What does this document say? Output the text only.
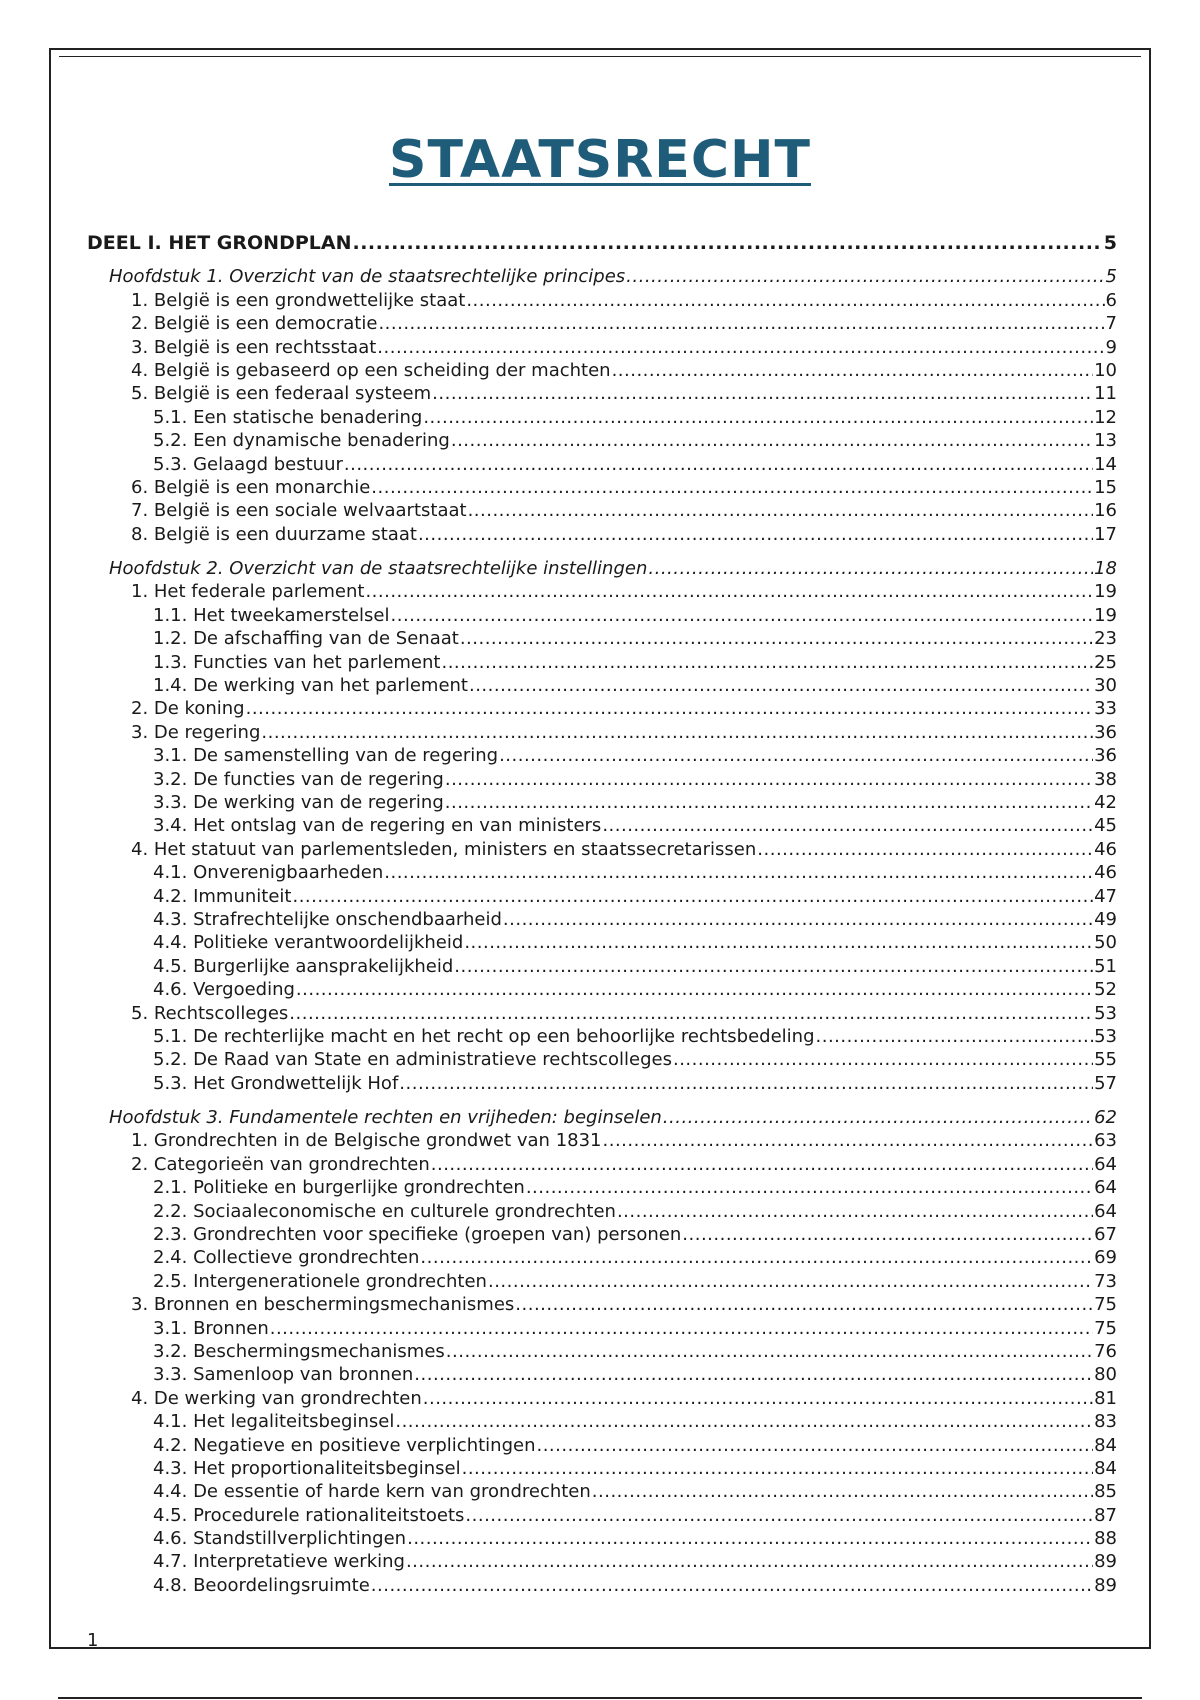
STAATSRECHT
DEEL I. HET GRONDPLAN .....	5
Hoofdstuk 1. Overzicht van de staatsrechtelijke principes .....	5
1. België is een grondwettelijke staat .....	6
2. België is een democratie .....	7
3. België is een rechtsstaat .....	9
4. België is gebaseerd op een scheiding der machten .....	10
5. België is een federaal systeem .....	11
5.1. Een statische benadering .....	12
5.2. Een dynamische benadering .....	13
5.3. Gelaagd bestuur .....	14
6. België is een monarchie .....	15
7. België is een sociale welvaartstaat .....	16
8. België is een duurzame staat .....	17
Hoofdstuk 2. Overzicht van de staatsrechtelijke instellingen .....	18
1. Het federale parlement .....	19
1.1. Het tweekamerstelsel .....	19
1.2. De afschaffing van de Senaat .....	23
1.3. Functies van het parlement .....	25
1.4. De werking van het parlement .....	30
2. De koning .....	33
3. De regering .....	36
3.1. De samenstelling van de regering .....	36
3.2. De functies van de regering .....	38
3.3. De werking van de regering .....	42
3.4. Het ontslag van de regering en van ministers .....	45
4. Het statuut van parlementsleden, ministers en staatssecretarissen .....	46
4.1. Onverenigbaarheden .....	46
4.2. Immuniteit .....	47
4.3. Strafrechtelijke onschendbaarheid .....	49
4.4. Politieke verantwoordelijkheid .....	50
4.5. Burgerlijke aansprakelijkheid .....	51
4.6. Vergoeding .....	52
5. Rechtscolleges .....	53
5.1. De rechterlijke macht en het recht op een behoorlijke rechtsbedeling .....	53
5.2. De Raad van State en administratieve rechtscolleges .....	55
5.3. Het Grondwettelijk Hof .....	57
Hoofdstuk 3. Fundamentele rechten en vrijheden: beginselen .....	62
1. Grondrechten in de Belgische grondwet van 1831 .....	63
2. Categorieën van grondrechten .....	64
2.1. Politieke en burgerlijke grondrechten .....	64
2.2. Sociaaleconomische en culturele grondrechten .....	64
2.3. Grondrechten voor specifieke (groepen van) personen .....	67
2.4. Collectieve grondrechten .....	69
2.5. Intergenerationele grondrechten .....	73
3. Bronnen en beschermingsmechanismes .....	75
3.1. Bronnen .....	75
3.2. Beschermingsmechanismes .....	76
3.3. Samenloop van bronnen .....	80
4. De werking van grondrechten .....	81
4.1. Het legaliteitsbeginsel .....	83
4.2. Negatieve en positieve verplichtingen .....	84
4.3. Het proportionaliteitsbeginsel .....	84
4.4. De essentie of harde kern van grondrechten .....	85
4.5. Procedurele rationaliteitstoets .....	87
4.6. Standstillverplichtingen .....	88
4.7. Interpretatieve werking .....	89
4.8. Beoordelingsruimte .....	89
1
